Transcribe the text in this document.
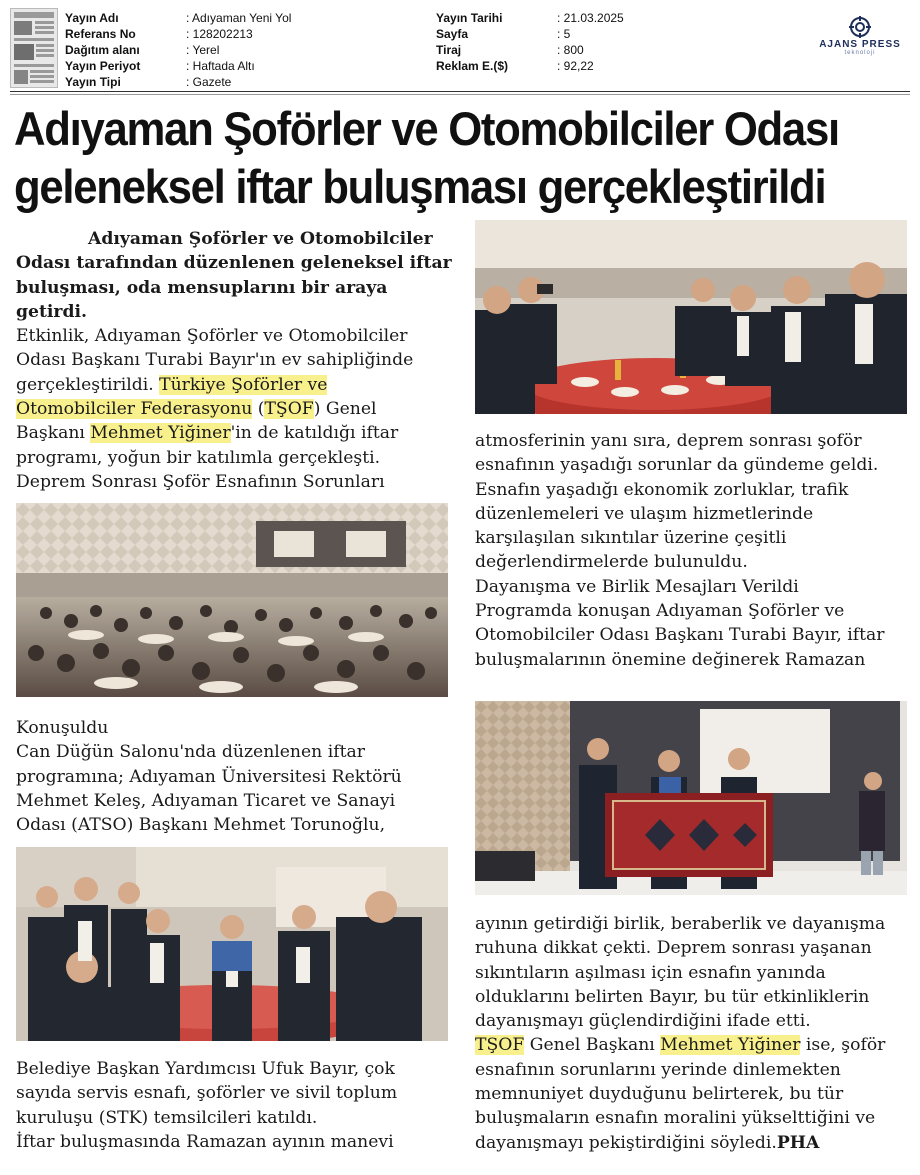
Yayın Adı	: Adıyaman Yeni Yol
Referans No	: 128202213
Dağıtım alanı	: Yerel
Yayın Periyot	: Haftada Altı
Yayın Tipi	: Gazete
Yayın Tarihi	: 21.03.2025
Sayfa	: 5
Tiraj	: 800
Reklam E.($)	: 92,22
AJANS PRESS
teknoloji
Adıyaman Şoförler ve Otomobilciler Odası
geleneksel iftar buluşması gerçekleştirildi

Adıyaman Şoförler ve Otomobilciler
Odası tarafından düzenlenen geleneksel iftar
buluşması, oda mensuplarını bir araya
getirdi.

Etkinlik, Adıyaman Şoförler ve Otomobilciler Odası Başkanı Turabi Bayır'ın ev sahipliğinde gerçekleştirildi. Türkiye Şoförler ve Otomobilciler Federasyonu (TŞOF) Genel Başkanı Mehmet Yiğiner'in de katıldığı iftar programı, yoğun bir katılımla gerçekleşti.

Deprem Sonrası Şoför Esnafının Sorunları

Konuşuldu

Can Düğün Salonu'nda düzenlenen iftar
programına; Adıyaman Üniversitesi Rektörü
Mehmet Keleş, Adıyaman Ticaret ve Sanayi
Odası (ATSO) Başkanı Mehmet Torunoğlu,

Belediye Başkan Yardımcısı Ufuk Bayır, çok
sayıda servis esnafı, şoförler ve sivil toplum
kuruluşu (STK) temsilcileri katıldı.
İftar buluşmasında Ramazan ayının manevi

atmosferinin yanı sıra, deprem sonrası şoför
esnafının yaşadığı sorunlar da gündeme geldi.
Esnafın yaşadığı ekonomik zorluklar, trafik
düzenlemeleri ve ulaşım hizmetlerinde
karşılaşılan sıkıntılar üzerine çeşitli
değerlendirmelerde bulunuldu.
Dayanışma ve Birlik Mesajları Verildi
Programda konuşan Adıyaman Şoförler ve
Otomobilciler Odası Başkanı Turabi Bayır, iftar
buluşmalarının önemine değinerek Ramazan

ayının getirdiği birlik, beraberlik ve dayanışma
ruhuna dikkat çekti. Deprem sonrası yaşanan
sıkıntıların aşılması için esnafın yanında
olduklarını belirten Bayır, bu tür etkinliklerin
dayanışmayı güçlendirdiğini ifade etti.

TŞOF Genel Başkanı Mehmet Yiğiner ise, şoför
esnafının sorunlarını yerinde dinlemekten
memnuniyet duyduğunu belirterek, bu tür
buluşmaların esnafın moralini yükselttiğini ve
dayanışmayı pekiştirdiğini söyledi.PHA
